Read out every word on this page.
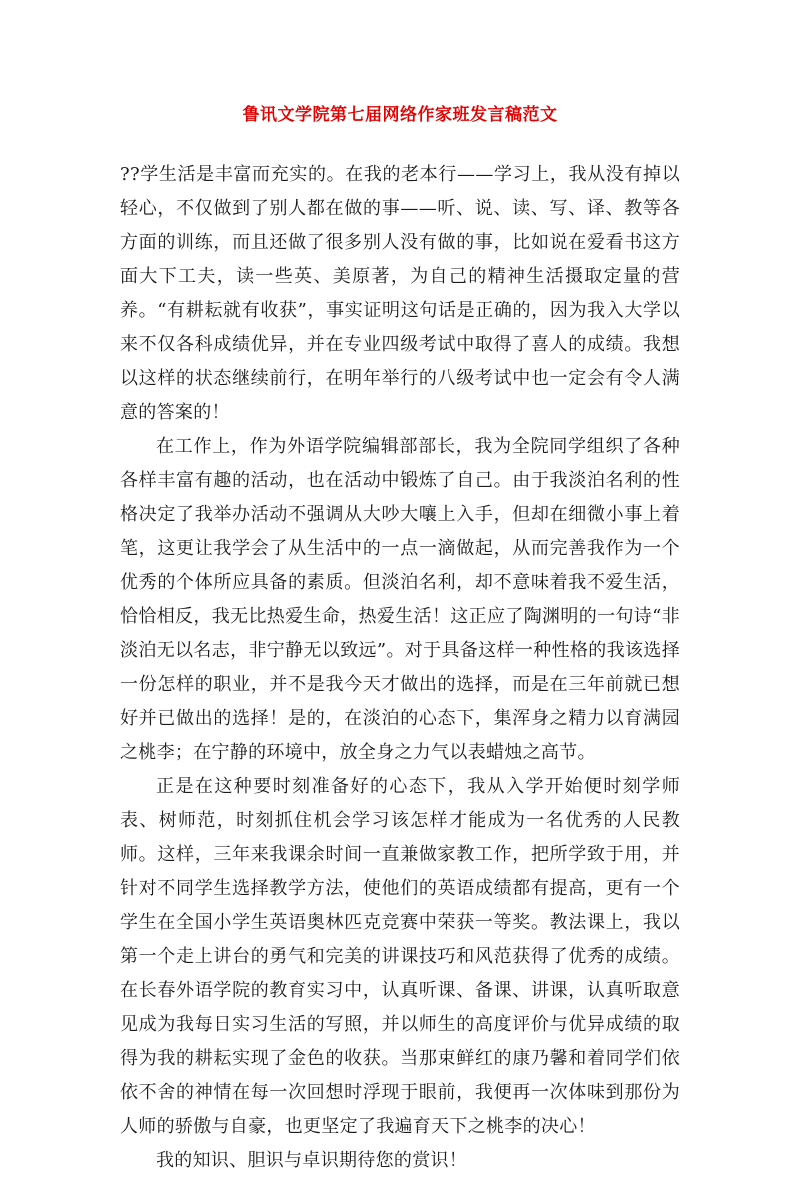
鲁讯文学院第七届网络作家班发言稿范文

??学生活是丰富而充实的。在我的老本行——学习上，我从没有掉以轻心，不仅做到了别人都在做的事——听、说、读、写、译、教等各方面的训练，而且还做了很多别人没有做的事，比如说在爱看书这方面大下工夫，读一些英、美原著，为自己的精神生活摄取定量的营养。“有耕耘就有收获”，事实证明这句话是正确的，因为我入大学以来不仅各科成绩优异，并在专业四级考试中取得了喜人的成绩。我想以这样的状态继续前行，在明年举行的八级考试中也一定会有令人满意的答案的！

在工作上，作为外语学院编辑部部长，我为全院同学组织了各种各样丰富有趣的活动，也在活动中锻炼了自己。由于我淡泊名利的性格决定了我举办活动不强调从大吵大嚷上入手，但却在细微小事上着笔，这更让我学会了从生活中的一点一滴做起，从而完善我作为一个优秀的个体所应具备的素质。但淡泊名利，却不意味着我不爱生活，恰恰相反，我无比热爱生命，热爱生活！这正应了陶渊明的一句诗“非淡泊无以名志，非宁静无以致远”。对于具备这样一种性格的我该选择一份怎样的职业，并不是我今天才做出的选择，而是在三年前就已想好并已做出的选择！是的，在淡泊的心态下，集浑身之精力以育满园之桃李；在宁静的环境中，放全身之力气以表蜡烛之高节。

正是在这种要时刻准备好的心态下，我从入学开始便时刻学师表、树师范，时刻抓住机会学习该怎样才能成为一名优秀的人民教师。这样，三年来我课余时间一直兼做家教工作，把所学致于用，并针对不同学生选择教学方法，使他们的英语成绩都有提高，更有一个学生在全国小学生英语奥林匹克竞赛中荣获一等奖。教法课上，我以第一个走上讲台的勇气和完美的讲课技巧和风范获得了优秀的成绩。在长春外语学院的教育实习中，认真听课、备课、讲课，认真听取意见成为我每日实习生活的写照，并以师生的高度评价与优异成绩的取得为我的耕耘实现了金色的收获。当那束鲜红的康乃馨和着同学们依依不舍的神情在每一次回想时浮现于眼前，我便再一次体味到那份为人师的骄傲与自豪，也更坚定了我遍育天下之桃李的决心！

我的知识、胆识与卓识期待您的赏识！
